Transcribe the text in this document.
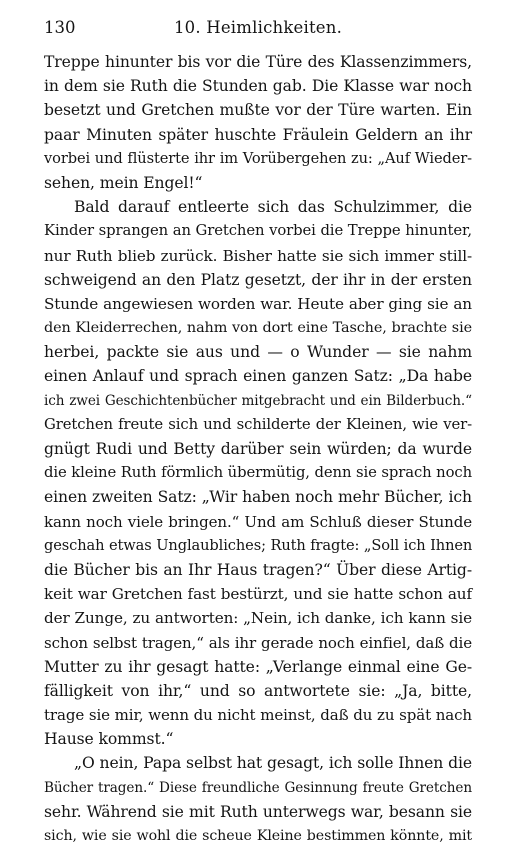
130	10. Heimlichkeiten.
Treppe hinunter bis vor die Türe des Klassenzimmers,
in dem sie Ruth die Stunden gab. Die Klasse war noch
besetzt und Gretchen mußte vor der Türe warten. Ein
paar Minuten später huschte Fräulein Geldern an ihr
vorbei und flüsterte ihr im Vorübergehen zu: „Auf Wieder-
sehen, mein Engel!“
Bald darauf entleerte sich das Schulzimmer, die
Kinder sprangen an Gretchen vorbei die Treppe hinunter,
nur Ruth blieb zurück. Bisher hatte sie sich immer still-
schweigend an den Platz gesetzt, der ihr in der ersten
Stunde angewiesen worden war. Heute aber ging sie an
den Kleiderrechen, nahm von dort eine Tasche, brachte sie
herbei, packte sie aus und — o Wunder — sie nahm
einen Anlauf und sprach einen ganzen Satz: „Da habe
ich zwei Geschichtenbücher mitgebracht und ein Bilderbuch.“
Gretchen freute sich und schilderte der Kleinen, wie ver-
gnügt Rudi und Betty darüber sein würden; da wurde
die kleine Ruth förmlich übermütig, denn sie sprach noch
einen zweiten Satz: „Wir haben noch mehr Bücher, ich
kann noch viele bringen.“ Und am Schluß dieser Stunde
geschah etwas Unglaubliches; Ruth fragte: „Soll ich Ihnen
die Bücher bis an Ihr Haus tragen?“ Über diese Artig-
keit war Gretchen fast bestürzt, und sie hatte schon auf
der Zunge, zu antworten: „Nein, ich danke, ich kann sie
schon selbst tragen,“ als ihr gerade noch einfiel, daß die
Mutter zu ihr gesagt hatte: „Verlange einmal eine Ge-
fälligkeit von ihr,“ und so antwortete sie: „Ja, bitte,
trage sie mir, wenn du nicht meinst, daß du zu spät nach
Hause kommst.“
„O nein, Papa selbst hat gesagt, ich solle Ihnen die
Bücher tragen.“ Diese freundliche Gesinnung freute Gretchen
sehr. Während sie mit Ruth unterwegs war, besann sie
sich, wie sie wohl die scheue Kleine bestimmen könnte, mit
